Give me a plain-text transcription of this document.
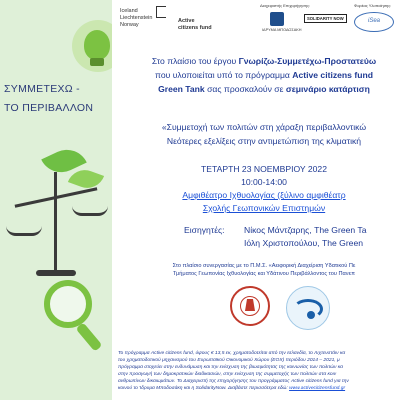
ΣΥΜΜΕΤΕΧΩ -
ΤΟ ΠΕΡΙΒΑΛΛΟΝ
Iceland
Liechtenstein
Norway
Active
citizens fund
Διαχειριστής Επιχορήγησης:
ΙΔΡΥΜΑ ΜΠΟΔΟΣΑΚΗ
SOLIDARITY NOW
Φορέας Υλοποίησης:
iSea
Στο πλαίσιο του έργου Γνωρίζω-Συμμετέχω-Προστατεύω
που υλοποιείται υπό το πρόγραμμα Active citizens fund
Green Tank σας προσκαλούν σε σεμινάριο κατάρτιση
«Συμμετοχή των πολιτών στη χάραξη περιβαλλοντικώ
Νεότερες εξελίξεις στην αντιμετώπιση της κλιματική
ΤΕΤΑΡΤΗ 23 ΝΟΕΜΒΡΙΟΥ 2022
10:00-14:00
Αμφιθέατρο Ιχθυολογίας (ξύλινο αμφιθέατρ
Σχολής Γεωπονικών Επιστημών
Εισηγητές: Νίκος Μάντζαρης, The Green Ta
Ιόλη Χριστοπούλου, The Green
Στο πλαίσιο συνεργασίας με το Π.Μ.Σ. «Αειφορική Διαχείριση Υδατικού Πε
Τμήματος Γεωπονίας Ιχθυολογίας και Υδάτινου Περιβάλλοντος του Πανεπ
Το πρόγραμμα Active citizens fund, ύψους € 13,5 εκ, χρηματοδοτείται από την Ισλανδία, το Λιχτενστάιν κα
του χρηματοδοτικού μηχανισμού του Ευρωπαϊκού Οικονομικού Χώρου (ΕΟΧ) περιόδου 2014 – 2021, μ
πρόγραμμα στοχεύει στην ενδυνάμωση και την ενίσχυση της βιωσιμότητας της κοινωνίας των πολιτών κα
στην προαγωγή των δημοκρατικών διαδικασιών, στην ενίσχυση της συμμετοχής των πολιτών στα κοιν
ανθρωπίνων δικαιωμάτων. Το Διαχειριστή της επιχορήγησης του προγράμματος Active citizens fund για την
κοινού το Ίδρυμα Μποδοσάκη και η SolidarityNow. Διαβάστε περισσότερα εδώ: www.activecitizensfund.gr
